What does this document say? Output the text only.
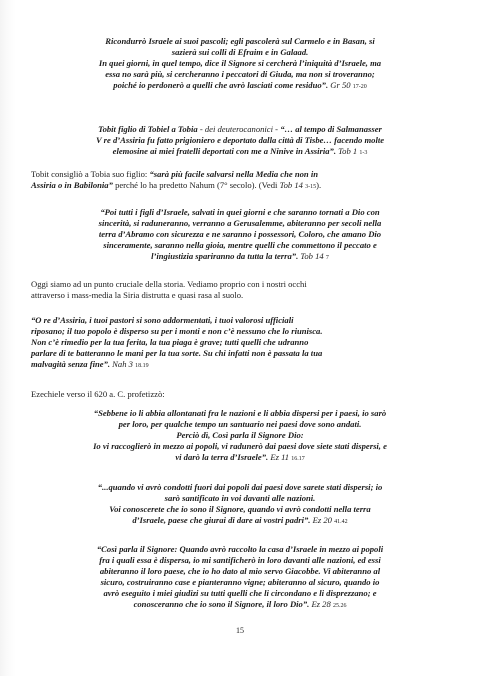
Ricondurrò Israele ai suoi pascoli; egli pascolerà sul Carmelo e in Basan, si
sazierà sui colli di Efraim e in Galaad.
In quei giorni, in quel tempo, dice il Signore si cercherà l’iniquità d’Israele, ma
essa no sarà più, si cercheranno i peccatori di Giuda, ma non si troveranno;
poiché io perdonerò a quelli che avrò lasciati come residuo”. Gr 50 17-20
Tobit figlio di Tobiel a Tobia - dei deuterocanonici - “… al tempo di Salmanasser
V re d’Assiria fu fatto prigioniero e deportato dalla città di Tisbe… facendo molte
elemosine ai miei fratelli deportati con me a Ninive in Assiria”. Tob 1 1-3
Tobit consigliò a Tobia suo figlio: “sarà più facile salvarsi nella Media che non in
Assiria o in Babilonia” perché lo ha predetto Nahum (7° secolo). (Vedi Tob 14 3-15).
“Poi tutti i figli d’Israele, salvati in quei giorni e che saranno tornati a Dio con
sincerità, si raduneranno, verranno a Gerusalemme, abiteranno per secoli nella
terra d’Abramo con sicurezza e ne saranno i possessori, Coloro, che amano Dio
sinceramente, saranno nella gioia, mentre quelli che commettono il peccato e
l’ingiustizia spariranno da tutta la terra”. Tob 14 7
Oggi siamo ad un punto cruciale della storia. Vediamo proprio con i nostri occhi
attraverso i mass-media la Siria distrutta e quasi rasa al suolo.
“O re d’Assiria, i tuoi pastori si sono addormentati, i tuoi valorosi ufficiali
riposano; il tuo popolo è disperso su per i monti e non c’è nessuno che lo riunisca.
Non c’è rimedio per la tua ferita, la tua piaga è grave; tutti quelli che udranno
parlare di te batteranno le mani per la tua sorte. Su chi infatti non è passata la tua
malvagità senza fine”. Nah 3 18.19
Ezechiele verso il 620 a. C. profetizzò:
“Sebbene io li abbia allontanati fra le nazioni e li abbia dispersi per i paesi, io sarò
per loro, per qualche tempo un santuario nei paesi dove sono andati.
Perciò dì, Così parla il Signore Dio:
Io vi raccoglierò in mezzo ai popoli, vi radunerò dai paesi dove siete stati dispersi, e
vi darò la terra d’Israele”. Ez 11 16.17
“...quando vi avrò condotti fuori dai popoli dai paesi dove sarete stati dispersi; io
sarò santificato in voi davanti alle nazioni.
Voi conoscerete che io sono il Signore, quando vi avrò condotti nella terra
d’Israele, paese che giurai di dare ai vostri padri”. Ez 20 41.42
“Così parla il Signore: Quando avrò raccolto la casa d’Israele in mezzo ai popoli
fra i quali essa è dispersa, io mi santificherò in loro davanti alle nazioni, ed essi
abiteranno il loro paese, che io ho dato al mio servo Giacobbe. Vi abiteranno al
sicuro, costruiranno case e pianteranno vigne; abiteranno al sicuro, quando io
avrò eseguito i miei giudizi su tutti quelli che li circondano e li disprezzano; e
conosceranno che io sono il Signore, il loro Dio”. Ez 28 25.26
15
